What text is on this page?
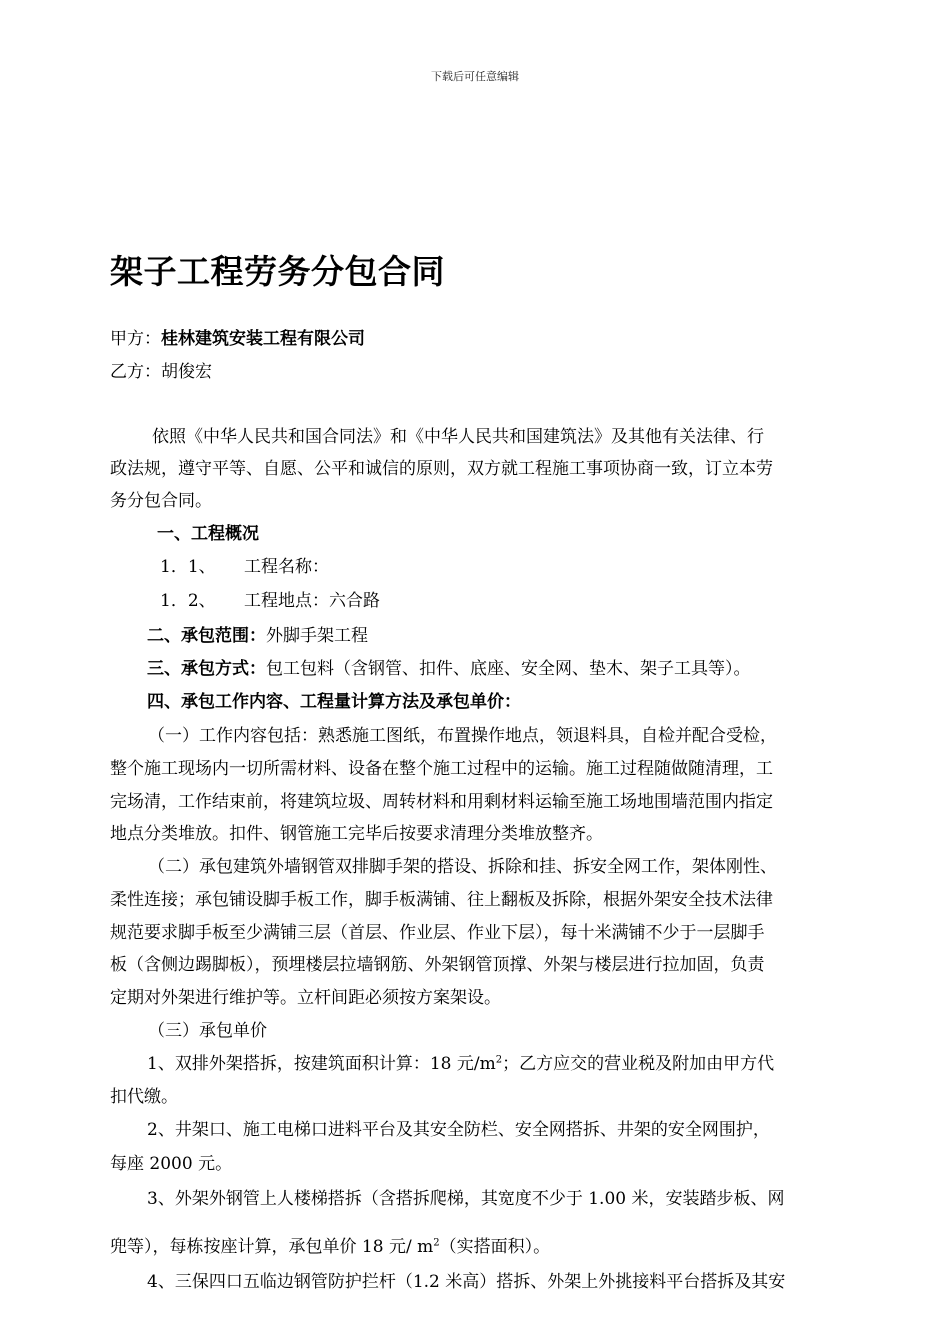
下载后可任意编辑
架子工程劳务分包合同
甲方：桂林建筑安装工程有限公司
乙方：胡俊宏
依照《中华人民共和国合同法》和《中华人民共和国建筑法》及其他有关法律、行
政法规，遵守平等、自愿、公平和诚信的原则，双方就工程施工事项协商一致，订立本劳
务分包合同。
一、工程概况
1．1、 工程名称：
1．2、 工程地点：六合路
二、承包范围：外脚手架工程
三、承包方式：包工包料（含钢管、扣件、底座、安全网、垫木、架子工具等）。
四、承包工作内容、工程量计算方法及承包单价：
（一）工作内容包括：熟悉施工图纸，布置操作地点，领退料具，自检并配合受检，
整个施工现场内一切所需材料、设备在整个施工过程中的运输。施工过程随做随清理，工
完场清，工作结束前，将建筑垃圾、周转材料和用剩材料运输至施工场地围墙范围内指定
地点分类堆放。扣件、钢管施工完毕后按要求清理分类堆放整齐。
（二）承包建筑外墙钢管双排脚手架的搭设、拆除和挂、拆安全网工作，架体刚性、
柔性连接；承包铺设脚手板工作，脚手板满铺、往上翻板及拆除，根据外架安全技术法律
规范要求脚手板至少满铺三层（首层、作业层、作业下层），每十米满铺不少于一层脚手
板（含侧边踢脚板），预埋楼层拉墙钢筋、外架钢管顶撑、外架与楼层进行拉加固，负责
定期对外架进行维护等。立杆间距必须按方案架设。
（三）承包单价
1、双排外架搭拆，按建筑面积计算：18 元$/m^2$；乙方应交的营业税及附加由甲方代
扣代缴。
2、井架口、施工电梯口进料平台及其安全防栏、安全网搭拆、井架的安全网围护，
每座 2000 元。
3、外架外钢管上人楼梯搭拆（含搭拆爬梯，其宽度不少于 1.00 米，安装踏步板、网
兜等），每栋按座计算，承包单价 18 元/ $m^2$（实搭面积）。
4、三保四口五临边钢管防护拦杆（1.2 米高）搭拆、外架上外挑接料平台搭拆及其安
